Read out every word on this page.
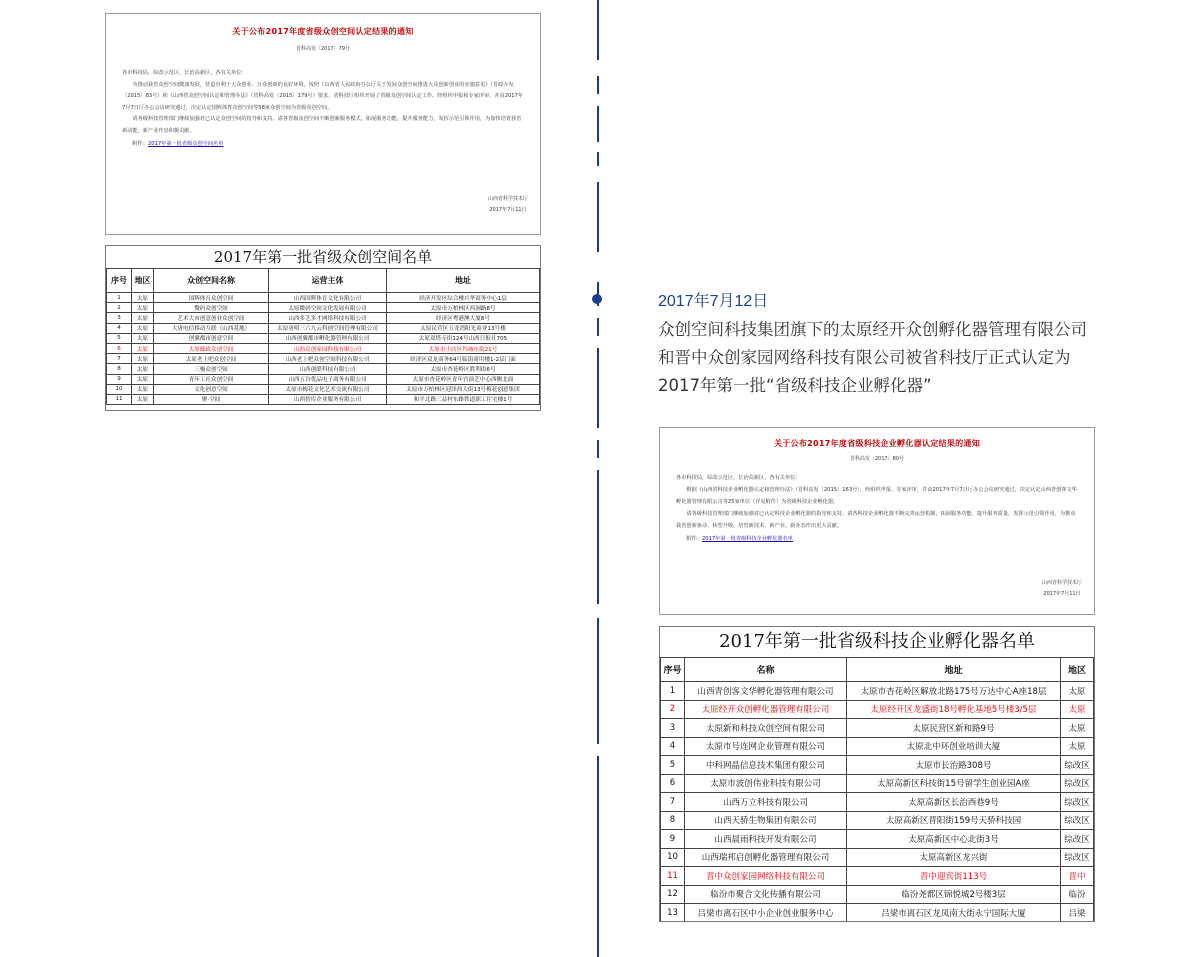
2017年7月12日
众创空间科技集团旗下的太原经开众创孵化器管理有限公司
和晋中众创家园网络科技有限公司被省科技厅正式认定为
2017年第一批“省级科技企业孵化器”
关于公布2017年度省级众创空间认定结果的通知
晋科高发〔2017〕79号

各市科技局，综改示范区，长治高新区，各有关单位：

为推动我省众创空间健康发展，营造有利于大众创业、万众创新的良好环境，按照《山西省人民政府办公厅关于发展众创空间推进大众创新创业的实施意见》（晋政办发〔2015〕83号）和《山西省众创空间认定和管理办法》（晋科高发〔2015〕179号）要求，省科技厅组织开展了省级众创空间认定工作。经组织申报和专家评审，并由2017年7月7日厅办公会议研究通过，决定认定国辉体育众创空间等58家众创空间为省级众创空间。

请各级科技管理部门继续加强对已认定众创空间的指导和支持。请各省级众创空间不断创新服务模式，拓展服务功能，提升服务能力，发挥示范引领作用，为加快培育我省新动能，新产业作出积极贡献。

附件：2017年第一批省级众创空间名单
山西省科学技术厅
2017年7月11日
2017年第一批省级众创空间名单
序号	地区	众创空间名称	运营主体	地址
1	太原	国辉体育众创空间	山西国辉体育文化有限公司	经济开发区综合楼兴华商务中心1层
2	太原	微码众创空间	太原微码空间文化发展有限公司	太原市万柏林区西涧路8号
3	太原	艺术大市创意创业众创空间	山西多艺多才网络科技有限公司	经济区粤港澳大厦8号
4	太原	大唐电信移动互联（山西基地）	太原唐明三六九云科创空间管理有限公司	太原民营区五龙湾阳光商业13号楼
5	太原	创翼都市创意空间	山西创翼都市孵化器管理有限公司	太原双塔寺街124号山西日报社705
6	太原	太原邮政众创空间	山西众创家园科技有限公司	太原市小店区坞城东街21号
7	太原	太原老上吧众创空间	山西老上吧众创空间科技有限公司	经济区双龙商务64号临街商用楼1-2层门面
8	太原	三极众创空间	山西创联科技有限公司	太原市杏花岭区胜利街6号
9	太原	青年工社众创空间	山西五谷优品电子商务有限公司	太原市杏花岭区青年宫演艺中心西侧北面
10	太原	文化创意空间	太原市梅花文化艺术交流有限公司	太原市万柏林区迎泽西大街13号梅花创意集团
11	太原	聚·空间	山西智库企业服务有限公司	和平北路三益村东路铁道职工住宅楼1号
关于公布2017年度省级科技企业孵化器认定结果的通知
晋科高发〔2017〕80号

各市科技局，综改示范区，长治高新区，各有关单位：

根据《山西省科技企业孵化器认定和管理办法》（晋科高发〔2015〕163号），经组织申报、专家评审，并由2017年7月7日厅办公会议研究通过，决定认定山西青创客文华孵化器管理有限公司等25家单位（详见附件）为省级科技企业孵化器。

请各级科技管理部门继续加强对已认定科技企业孵化器的指导和支持。请各科技企业孵化器不断完善运营机制，拓展服务功能，提升服务质量，发挥示范引领作用，为推动我省创新驱动、转型升级，培育新技术、新产业、新业态作出更大贡献。

附件：2017年第一批省级科技企业孵化器名单
山西省科学技术厅
2017年7月11日
2017年第一批省级科技企业孵化器名单
序号	名称	地址	地区
1	山西青创客文华孵化器管理有限公司	太原市杏花岭区解放北路175号万达中心A座18层	太原
2	太原经开众创孵化器管理有限公司	太原经开区龙盛街18号孵化基地5号楼3/5层	太原
3	太原新和科技众创空间有限公司	太原民营区新和路9号	太原
4	太原市号连网企业管理有限公司	太原北中环创业培训大厦	太原
5	中科网晶信息技术集团有限公司	太原市长治路308号	综改区
6	太原市波创伟业科技有限公司	太原高新区科技街15号留学生创业园A座	综改区
7	山西万立科技有限公司	太原高新区长治西巷9号	综改区
8	山西天骄生物集团有限公司	太原高新区晋阳街159号天骄科技园	综改区
9	山西晨雨科技开发有限公司	太原高新区中心北街3号	综改区
10	山西瑞邦启创孵化器管理有限公司	太原高新区龙兴街	综改区
11	晋中众创家园网络科技有限公司	晋中迎宾街113号	晋中
12	临汾市聚合文化传播有限公司	临汾尧都区锦悦城2号楼3层	临汾
13	吕梁市离石区中小企业创业服务中心	吕梁市离石区龙凤南大街永宁国际大厦	吕梁
